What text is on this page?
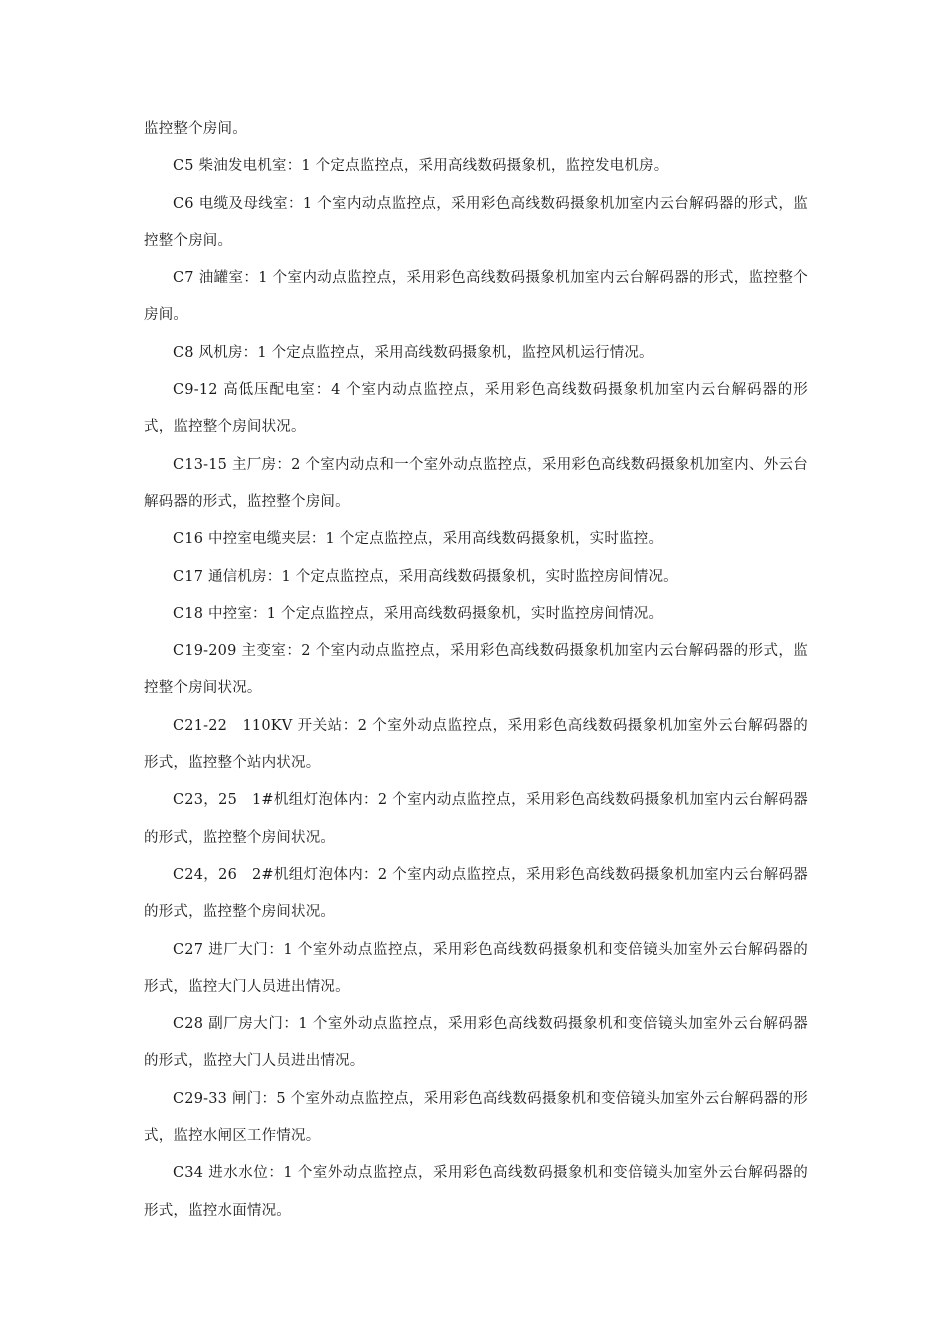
监控整个房间。

C5 柴油发电机室：1 个定点监控点，采用高线数码摄象机，监控发电机房。

C6 电缆及母线室：1 个室内动点监控点，采用彩色高线数码摄象机加室内云台解码器的形式，监控整个房间。

C7 油罐室：1 个室内动点监控点，采用彩色高线数码摄象机加室内云台解码器的形式，监控整个房间。

C8 风机房：1 个定点监控点，采用高线数码摄象机，监控风机运行情况。

C9-12 高低压配电室：4 个室内动点监控点，采用彩色高线数码摄象机加室内云台解码器的形式，监控整个房间状况。

C13-15 主厂房：2 个室内动点和一个室外动点监控点，采用彩色高线数码摄象机加室内、外云台解码器的形式，监控整个房间。

C16 中控室电缆夹层：1 个定点监控点，采用高线数码摄象机，实时监控。

C17 通信机房：1 个定点监控点，采用高线数码摄象机，实时监控房间情况。

C18 中控室：1 个定点监控点，采用高线数码摄象机，实时监控房间情况。

C19-209 主变室：2 个室内动点监控点，采用彩色高线数码摄象机加室内云台解码器的形式，监控整个房间状况。

C21-22　110KV 开关站：2 个室外动点监控点，采用彩色高线数码摄象机加室外云台解码器的形式，监控整个站内状况。

C23，25　1#机组灯泡体内：2 个室内动点监控点，采用彩色高线数码摄象机加室内云台解码器的形式，监控整个房间状况。

C24，26　2#机组灯泡体内：2 个室内动点监控点，采用彩色高线数码摄象机加室内云台解码器的形式，监控整个房间状况。

C27 进厂大门：1 个室外动点监控点，采用彩色高线数码摄象机和变倍镜头加室外云台解码器的形式，监控大门人员进出情况。

C28 副厂房大门：1 个室外动点监控点，采用彩色高线数码摄象机和变倍镜头加室外云台解码器的形式，监控大门人员进出情况。

C29-33 闸门：5 个室外动点监控点，采用彩色高线数码摄象机和变倍镜头加室外云台解码器的形式，监控水闸区工作情况。

C34 进水水位：1 个室外动点监控点，采用彩色高线数码摄象机和变倍镜头加室外云台解码器的形式，监控水面情况。
